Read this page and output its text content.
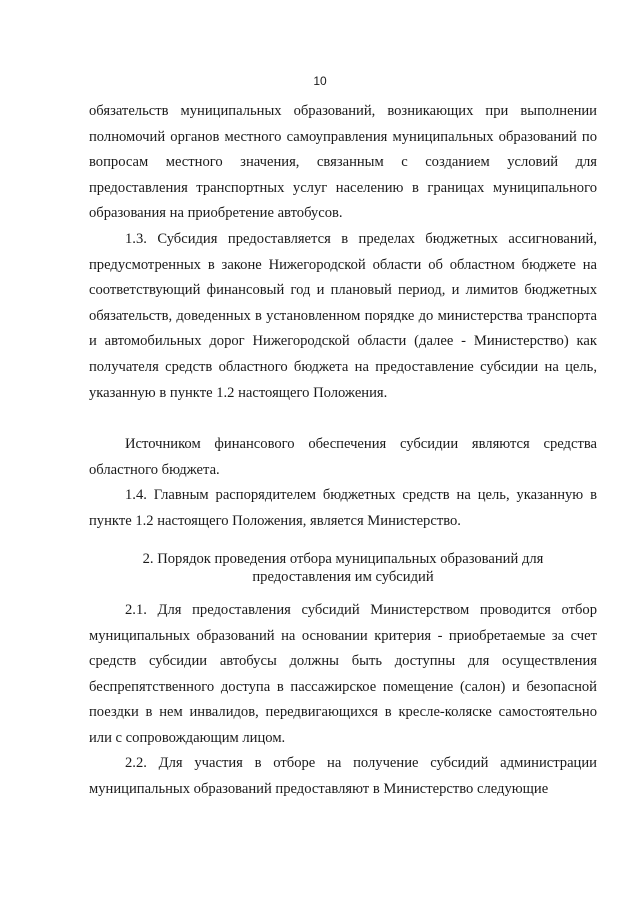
10

обязательств муниципальных образований, возникающих при выполнении полномочий органов местного самоуправления муниципальных образований по вопросам местного значения, связанным с созданием условий для предоставления транспортных услуг населению в границах муниципального образования на приобретение автобусов.

1.3. Субсидия предоставляется в пределах бюджетных ассигнований, предусмотренных в законе Нижегородской области об областном бюджете на соответствующий финансовый год и плановый период, и лимитов бюджетных обязательств, доведенных в установленном порядке до министерства транспорта и автомобильных дорог Нижегородской области (далее - Министерство) как получателя средств областного бюджета на предоставление субсидии на цель, указанную в пункте 1.2 настоящего Положения.

Источником финансового обеспечения субсидии являются средства областного бюджета.

1.4. Главным распорядителем бюджетных средств на цель, указанную в пункте 1.2 настоящего Положения, является Министерство.

2. Порядок проведения отбора муниципальных образований для
предоставления им субсидий

2.1. Для предоставления субсидий Министерством проводится отбор муниципальных образований на основании критерия - приобретаемые за счет средств субсидии автобусы должны быть доступны для осуществления беспрепятственного доступа в пассажирское помещение (салон) и безопасной поездки в нем инвалидов, передвигающихся в кресле-коляске самостоятельно или с сопровождающим лицом.

2.2. Для участия в отборе на получение субсидий администрации муниципальных образований предоставляют в Министерство следующие
